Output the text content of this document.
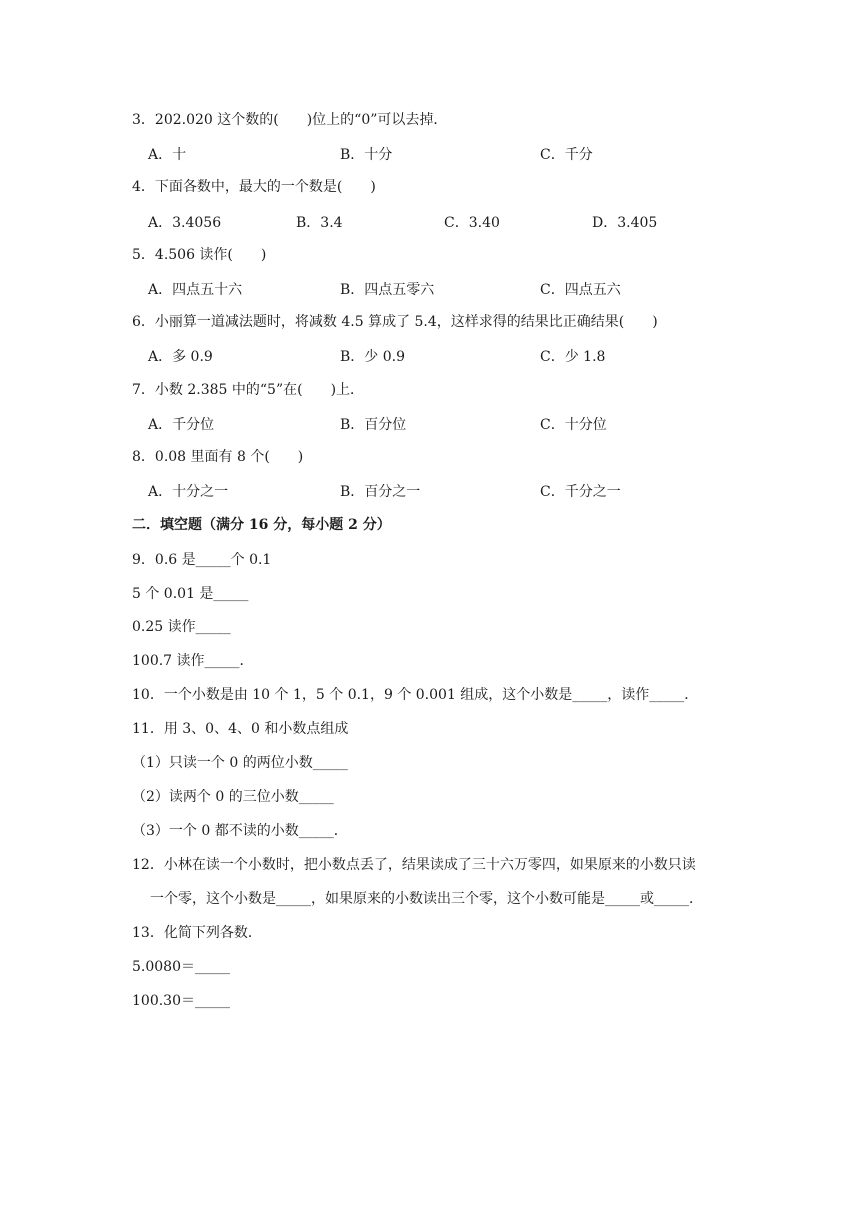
3．202.020 这个数的(　　)位上的“0”可以去掉．
A．十	B．十分	C．千分
4．下面各数中，最大的一个数是(　　)
A．3.4056	B．3.4	C．3.40	D．3.405
5．4.506 读作(　　)
A．四点五十六	B．四点五零六	C．四点五六
6．小丽算一道减法题时，将减数 4.5 算成了 5.4，这样求得的结果比正确结果(　　)
A．多 0.9	B．少 0.9	C．少 1.8
7．小数 2.385 中的“5”在(　　)上．
A．千分位	B．百分位	C．十分位
8．0.08 里面有 8 个(　　)
A．十分之一	B．百分之一	C．千分之一
二．填空题（满分 16 分，每小题 2 分）
9．0.6 是_____个 0.1
5 个 0.01 是_____
0.25 读作_____
100.7 读作_____．
10．一个小数是由 10 个 1，5 个 0.1，9 个 0.001 组成，这个小数是_____，读作_____．
11．用 3、0、4、0 和小数点组成
（1）只读一个 0 的两位小数_____
（2）读两个 0 的三位小数_____
（3）一个 0 都不读的小数_____．
12．小林在读一个小数时，把小数点丢了，结果读成了三十六万零四，如果原来的小数只读
一个零，这个小数是_____，如果原来的小数读出三个零，这个小数可能是_____或_____．
13．化简下列各数．
5.0080＝_____
100.30＝_____
